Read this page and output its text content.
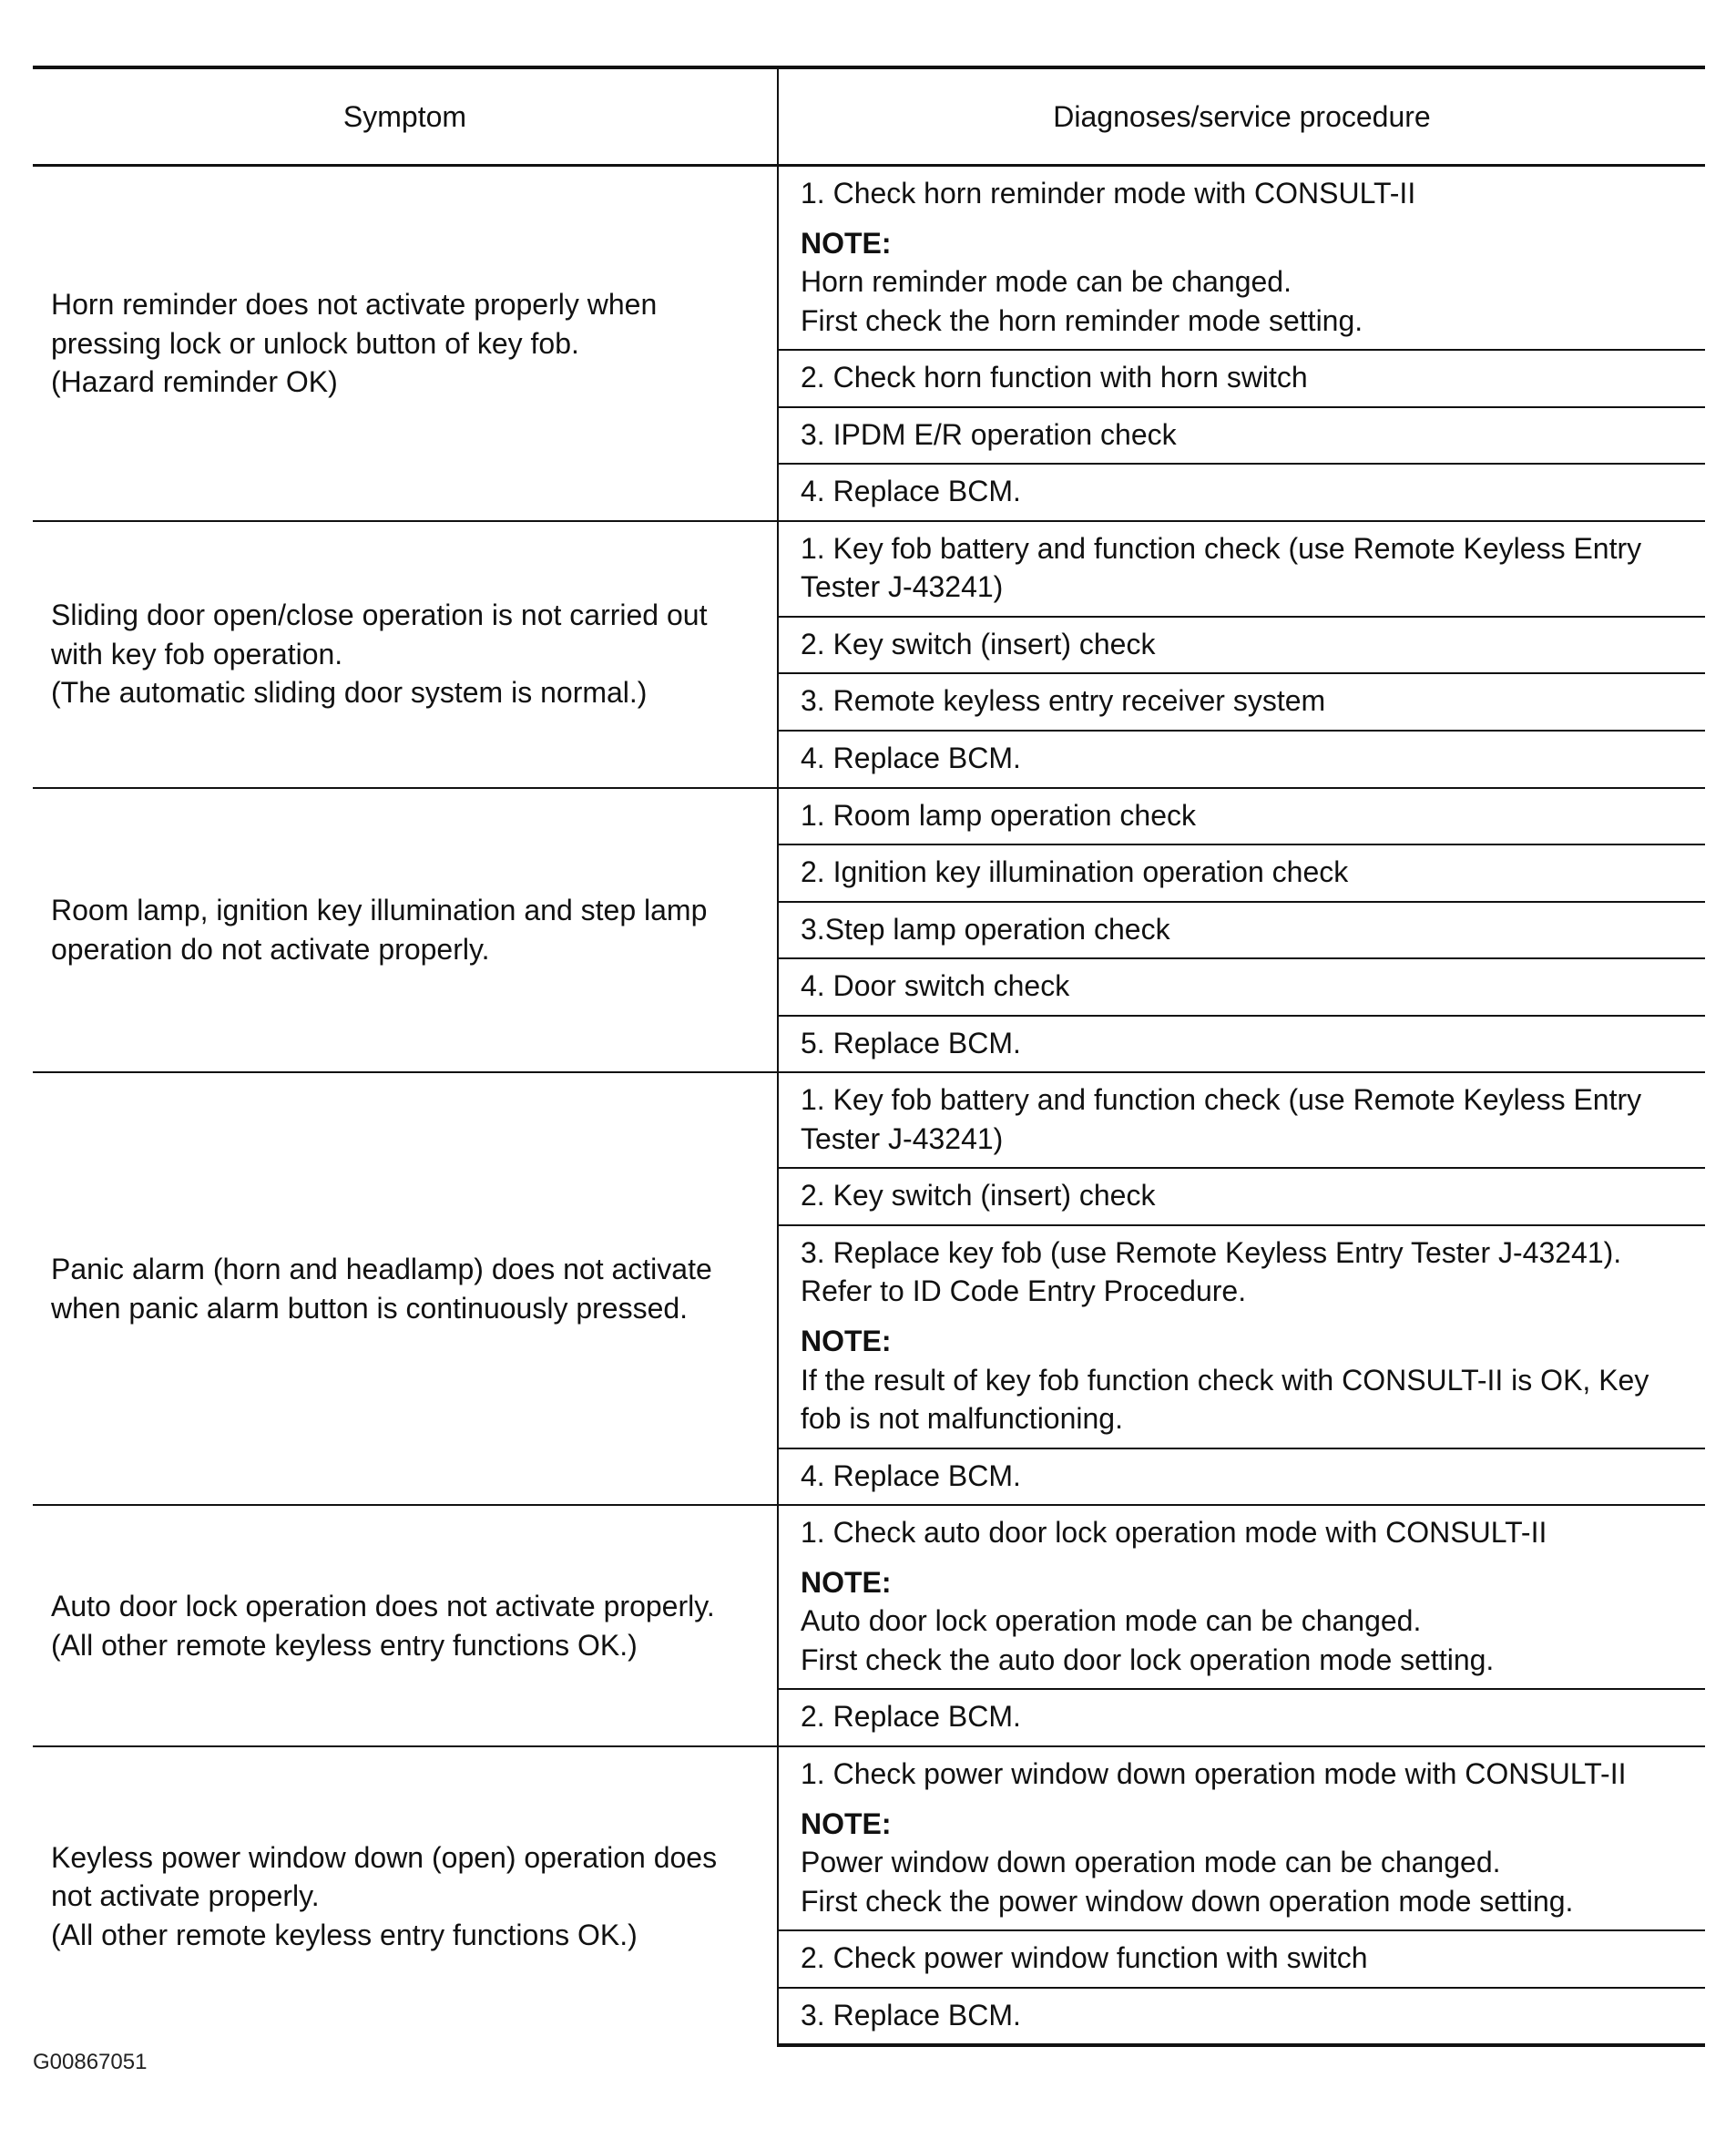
Symptom	Diagnoses/service procedure

Horn reminder does not activate properly when
pressing lock or unlock button of key fob.
(Hazard reminder OK)	1. Check horn reminder mode with CONSULT-II
NOTE:
Horn reminder mode can be changed.
First check the horn reminder mode setting.

	2. Check horn function with horn switch

	3. IPDM E/R operation check

	4. Replace BCM.

Sliding door open/close operation is not carried out
with key fob operation.
(The automatic sliding door system is normal.)	1. Key fob battery and function check (use Remote Keyless Entry
Tester J-43241)

	2. Key switch (insert) check

	3. Remote keyless entry receiver system

	4. Replace BCM.

Room lamp, ignition key illumination and step lamp
operation do not activate properly.	1. Room lamp operation check

	2. Ignition key illumination operation check

	3.Step lamp operation check

	4. Door switch check

	5. Replace BCM.

Panic alarm (horn and headlamp) does not activate
when panic alarm button is continuously pressed.	1. Key fob battery and function check (use Remote Keyless Entry
Tester J-43241)

	2. Key switch (insert) check

	3. Replace key fob (use Remote Keyless Entry Tester J-43241).
Refer to ID Code Entry Procedure.
NOTE:
If the result of key fob function check with CONSULT-II is OK, Key
fob is not malfunctioning.

	4. Replace BCM.

Auto door lock operation does not activate properly.
(All other remote keyless entry functions OK.)	1. Check auto door lock operation mode with CONSULT-II
NOTE:
Auto door lock operation mode can be changed.
First check the auto door lock operation mode setting.

	2. Replace BCM.

Keyless power window down (open) operation does
not activate properly.
(All other remote keyless entry functions OK.)	1. Check power window down operation mode with CONSULT-II
NOTE:
Power window down operation mode can be changed.
First check the power window down operation mode setting.

	2. Check power window function with switch

	3. Replace BCM.
G00867051
